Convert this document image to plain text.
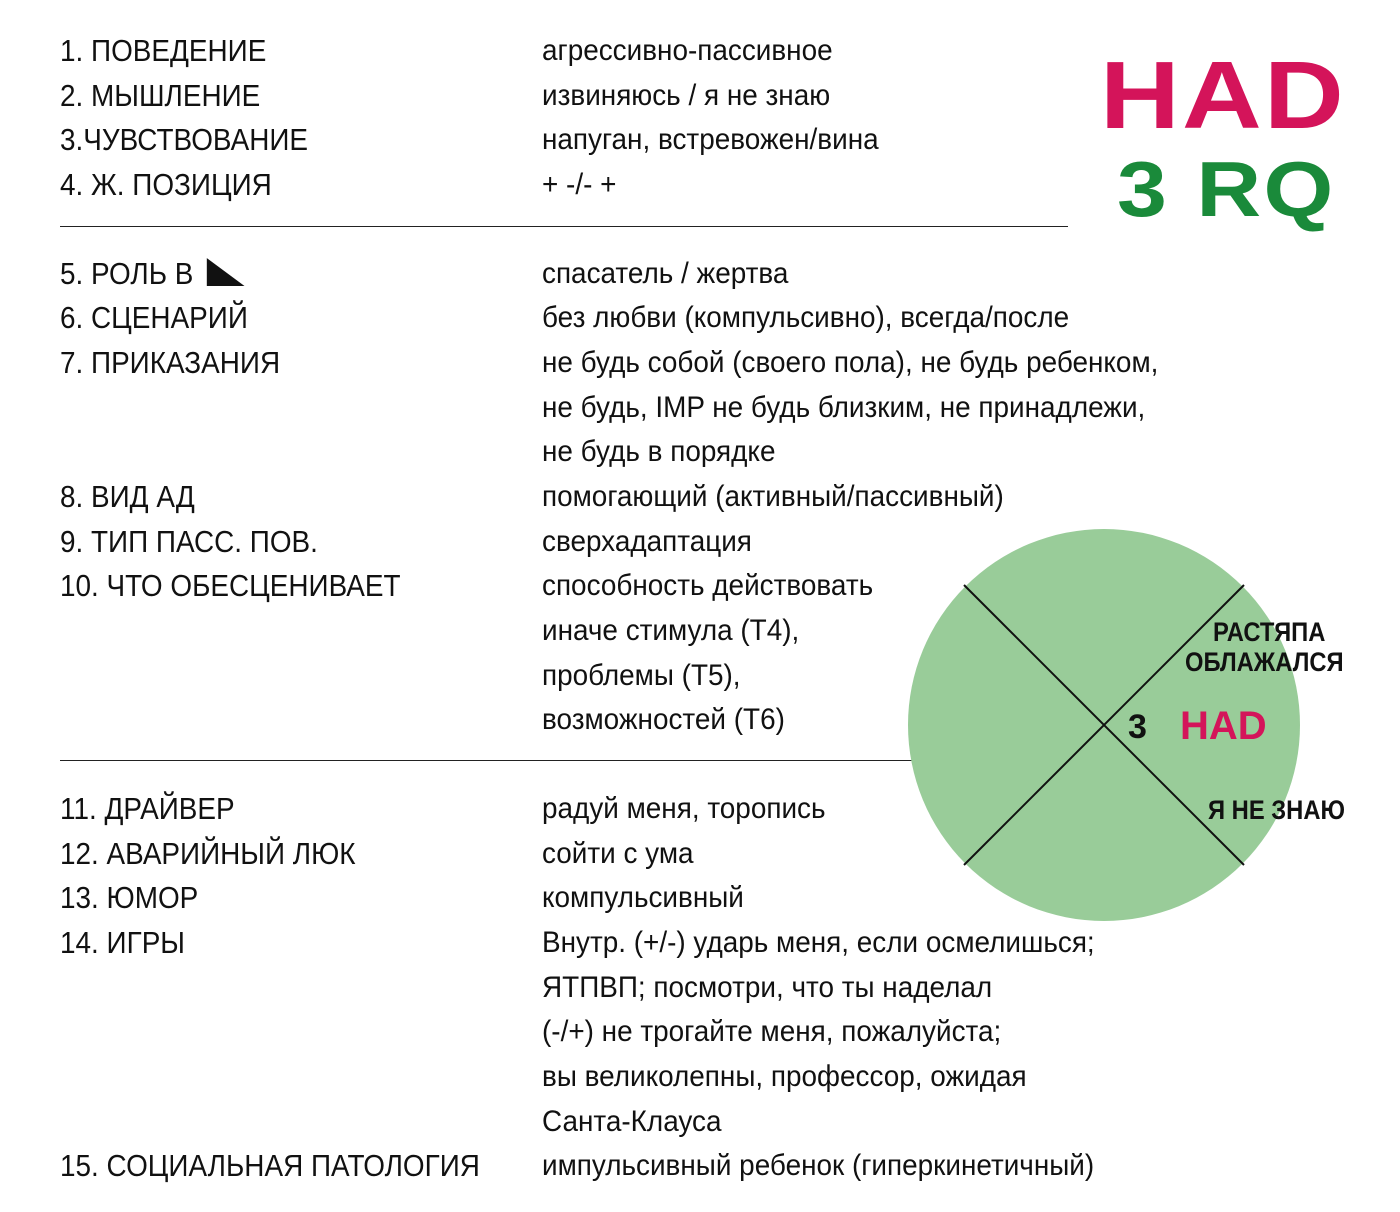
HAD
3 RQ
1. ПОВЕДЕНИЕ	агрессивно-пассивное
2. МЫШЛЕНИЕ	извиняюсь / я не знаю
3.ЧУВСТВОВАНИЕ	напуган, встревожен/вина
4. Ж. ПОЗИЦИЯ	+ -/- +
5. РОЛЬ В	спасатель / жертва
6. СЦЕНАРИЙ	без любви (компульсивно), всегда/после
7. ПРИКАЗАНИЯ	не будь собой (своего пола), не будь ребенком,
не будь, IMP не будь близким, не принадлежи,
не будь в порядке
8. ВИД АД	помогающий (активный/пассивный)
9. ТИП ПАСС. ПОВ.	сверхадаптация
10. ЧТО ОБЕСЦЕНИВАЕТ	способность действовать
иначе стимула (Т4),
проблемы (Т5),
возможностей (Т6)
11. ДРАЙВЕР	радуй меня, торопись
12. АВАРИЙНЫЙ ЛЮК	сойти с ума
13. ЮМОР	компульсивный
14. ИГРЫ	Внутр. (+/-) ударь меня, если осмелишься;
ЯТПВП; посмотри, что ты наделал
(-/+) не трогайте меня, пожалуйста;
вы великолепны, профессор, ожидая
Санта-Клауса
15. СОЦИАЛЬНАЯ ПАТОЛОГИЯ импульсивный ребенок (гиперкинетичный)
РАСТЯПА
ОБЛАЖАЛСЯ
3 HAD
Я НЕ ЗНАЮ
